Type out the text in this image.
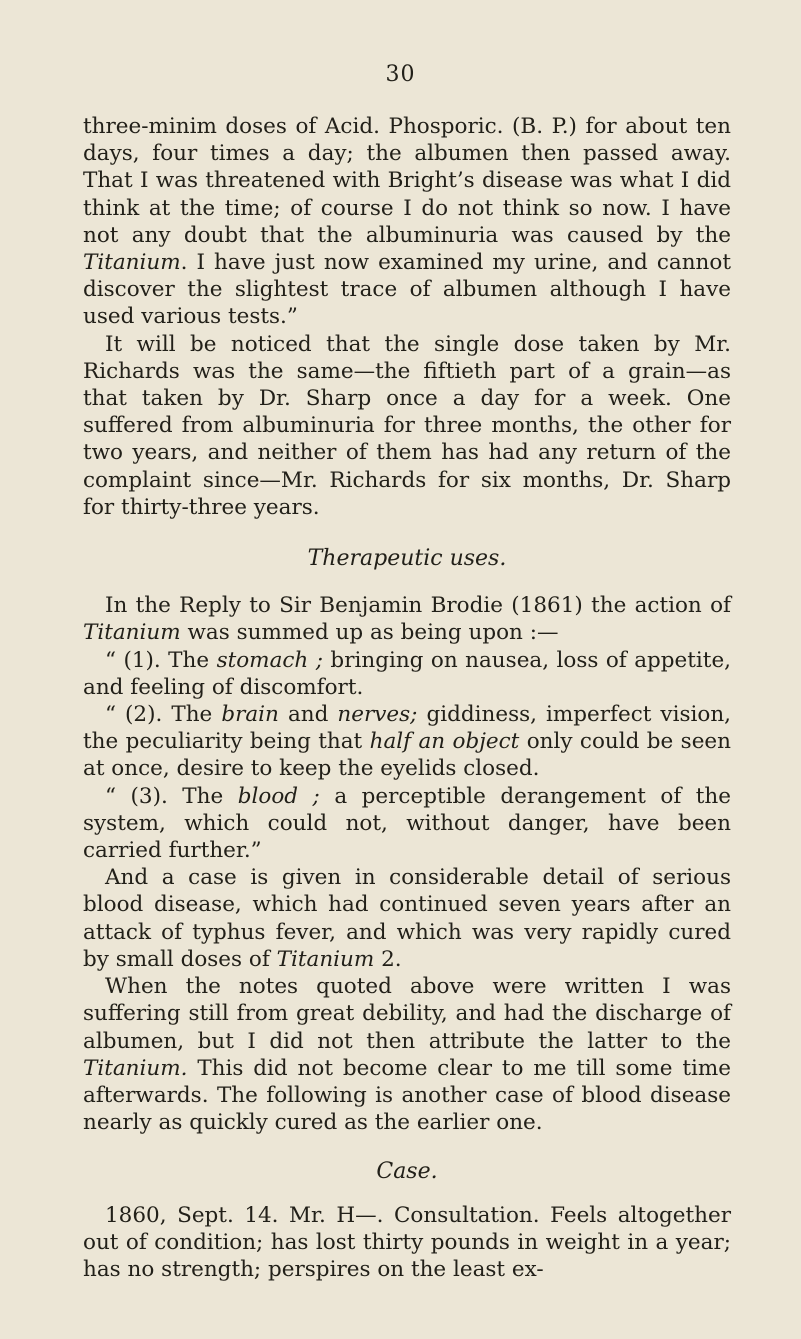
30

three-minim doses of Acid. Phosporic. (B. P.) for about ten days, four times a day; the albumen then passed away. That I was threatened with Bright’s disease was what I did think at the time; of course I do not think so now. I have not any doubt that the albuminuria was caused by the Titanium. I have just now examined my urine, and cannot discover the slightest trace of albumen although I have used various tests.”

It will be noticed that the single dose taken by Mr. Richards was the same—the fiftieth part of a grain—as that taken by Dr. Sharp once a day for a week. One suffered from albuminuria for three months, the other for two years, and neither of them has had any return of the complaint since—Mr. Richards for six months, Dr. Sharp for thirty-three years.

Therapeutic uses.

In the Reply to Sir Benjamin Brodie (1861) the action of Titanium was summed up as being upon :—

“ (1). The stomach ; bringing on nausea, loss of appetite, and feeling of discomfort.

“ (2). The brain and nerves; giddiness, imperfect vision, the peculiarity being that half an object only could be seen at once, desire to keep the eyelids closed.

“ (3). The blood ; a perceptible derangement of the system, which could not, without danger, have been carried further.”

And a case is given in considerable detail of serious blood disease, which had continued seven years after an attack of typhus fever, and which was very rapidly cured by small doses of Titanium 2.

When the notes quoted above were written I was suffering still from great debility, and had the discharge of albumen, but I did not then attribute the latter to the Titanium. This did not become clear to me till some time afterwards. The following is another case of blood disease nearly as quickly cured as the earlier one.

Case.

1860, Sept. 14. Mr. H—. Consultation. Feels altogether out of condition; has lost thirty pounds in weight in a year; has no strength; perspires on the least ex-
